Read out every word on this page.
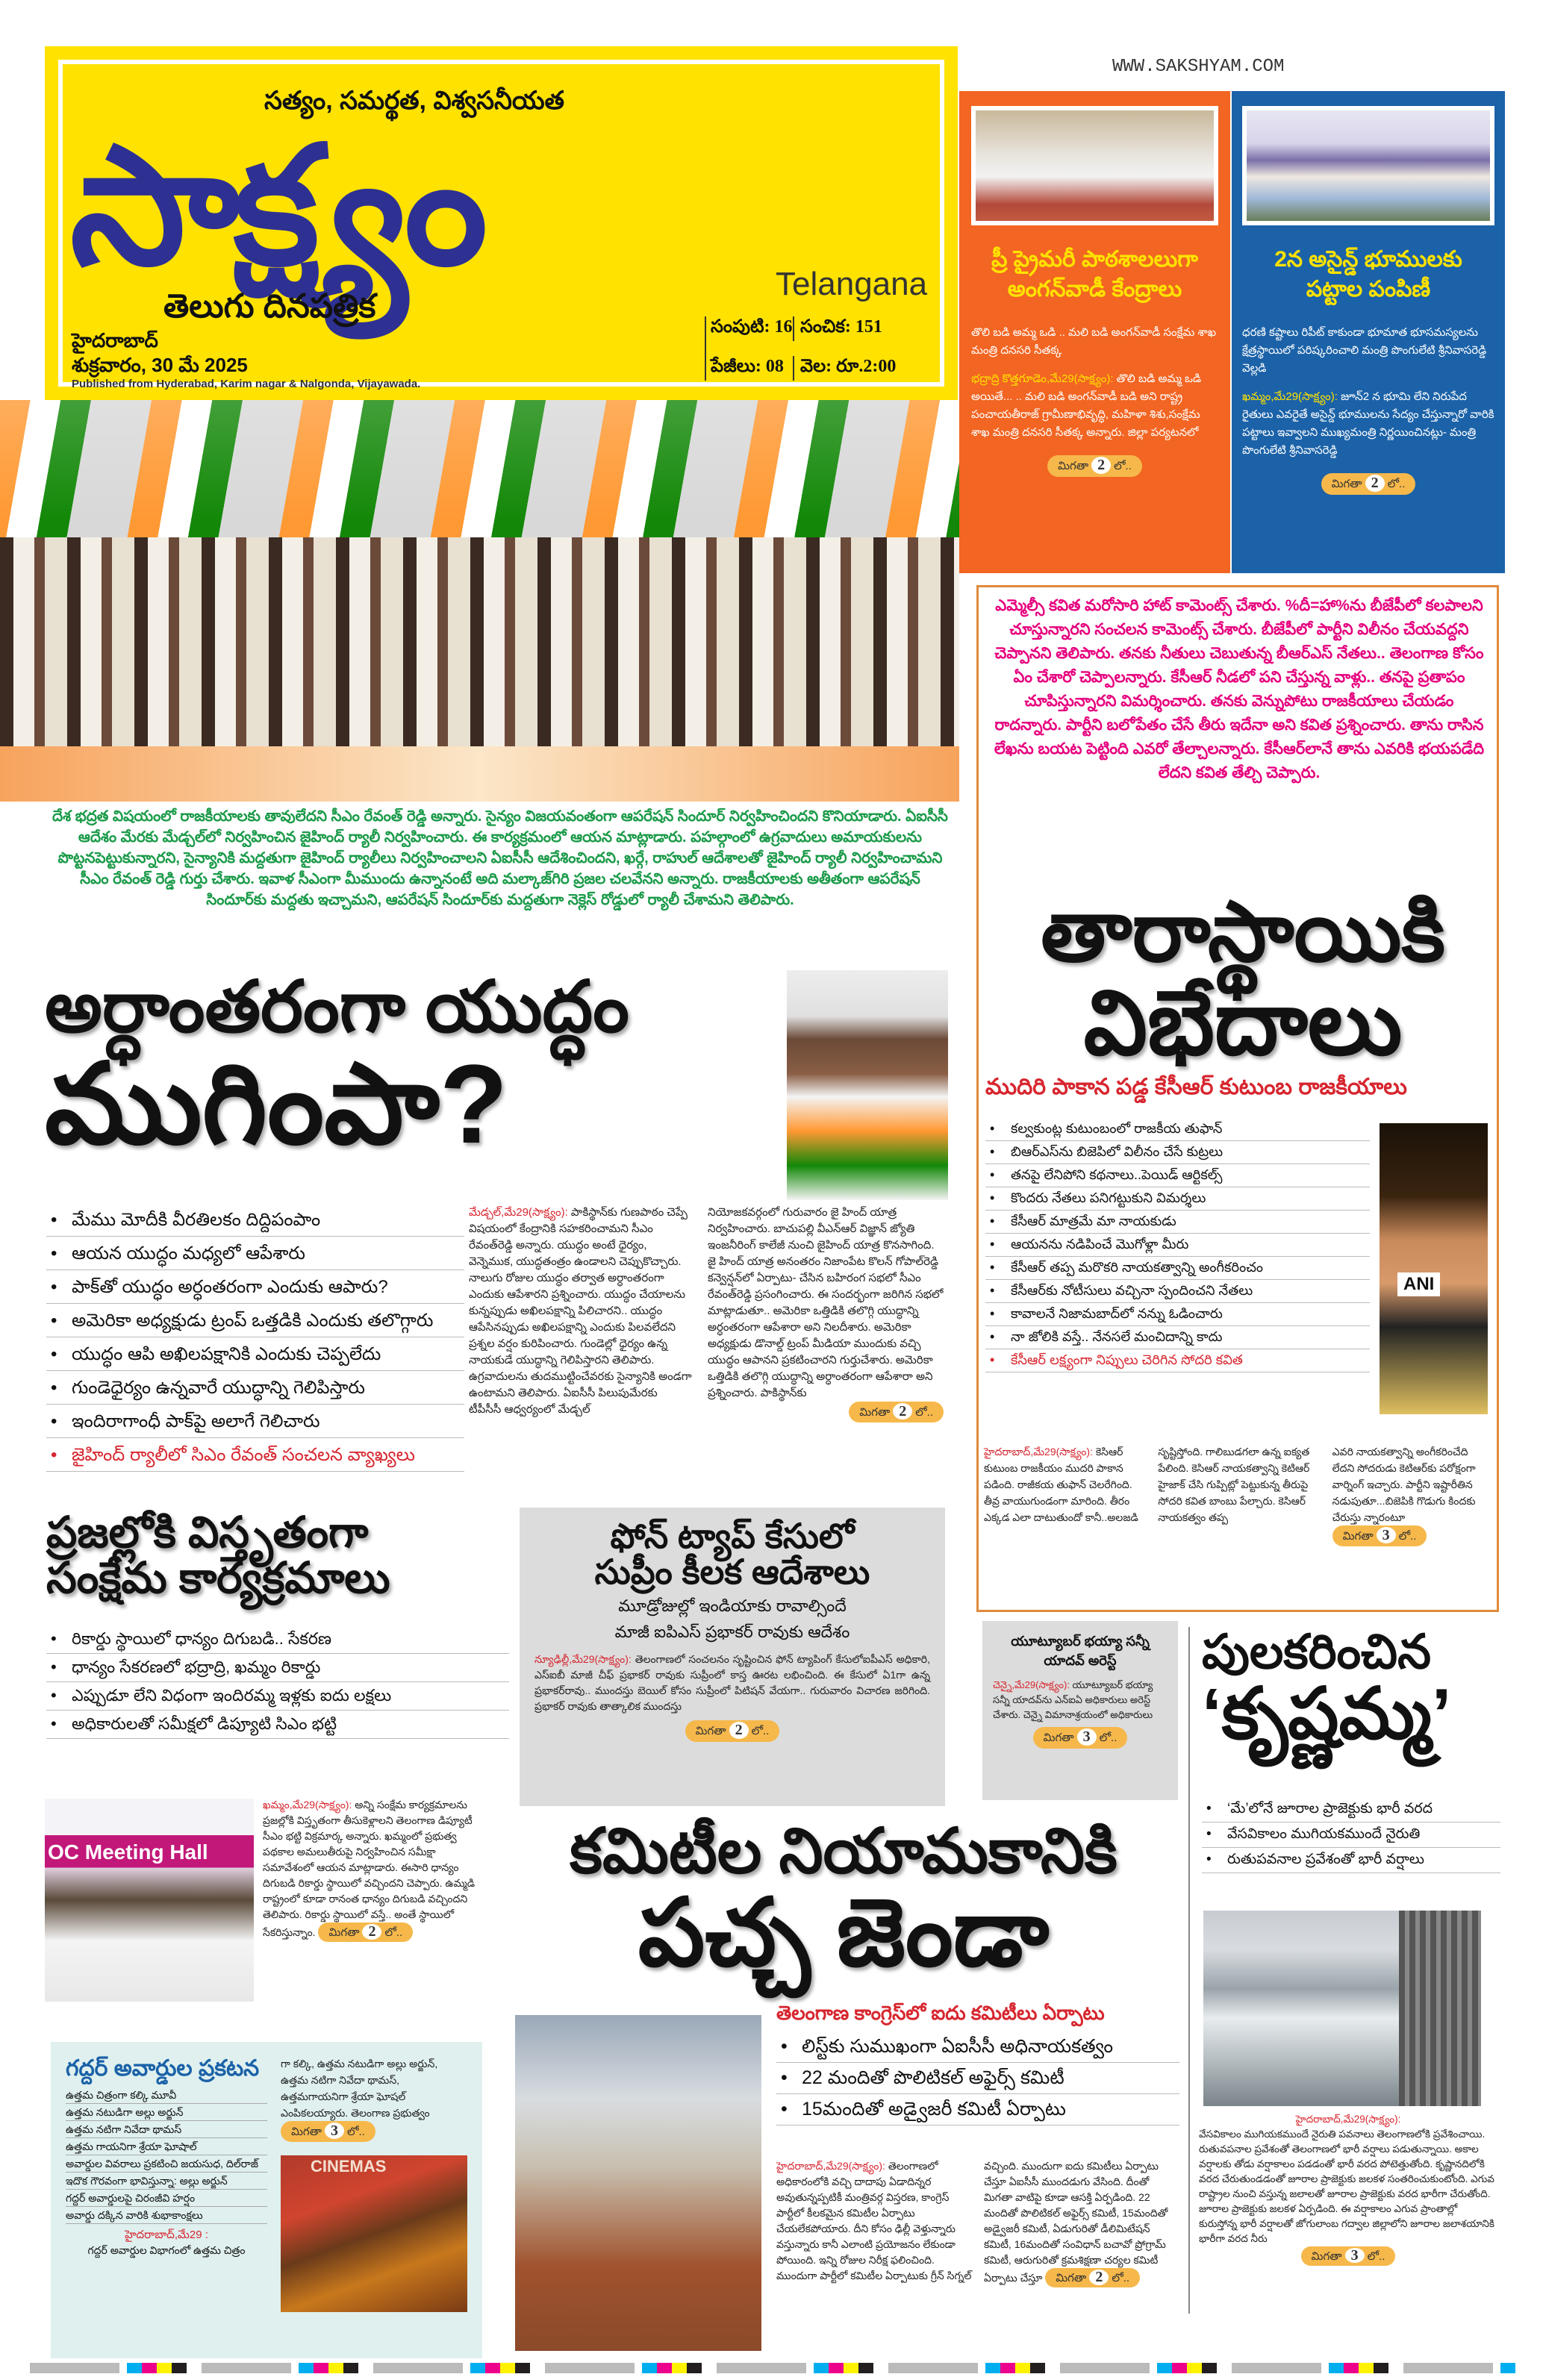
సత్యం, సమర్థత, విశ్వసనీయత
సాక్ష్యం
తెలుగు దినపత్రిక
Telangana
హైదరాబాద్
శుక్రవారం, 30 మే 2025
Published from Hyderabad, Karim nagar & Nalgonda, Vijayawada.
సంపుటి: 16 సంచిక: 151
పేజీలు: 08 వెల: రూ.2:00
WWW.SAKSHYAM.COM
ప్రీ ప్రైమరీ పాఠశాలలుగా
అంగన్‌వాడీ కేంద్రాలు

తొలి బడి అమ్మ ఒడి .. మలి బడి అంగన్‌వాడీ సంక్షేమ శాఖ మంత్రి దనసరి సీతక్క

భద్రాద్రి కొత్తగూడెం,మే29(సాక్ష్యం): తొలి బడి అమ్మ ఒడి అయితే... .. మలి బడి అంగన్‌వాడీ బడి అని రాష్ట్ర పంచాయతీరాజ్ గ్రామీణాభివృద్ధి, మహిళా శిశు,సంక్షేమ శాఖ మంత్రి దనసరి సీతక్క అన్నారు. జిల్లా పర్యటనలో

మిగతా 2 లో..
2న అసైన్డ్ భూములకు
పట్టాల పంపిణీ

ధరణి కష్టాలు రిపీట్ కాకుండా భూమాత భూసమస్యలను క్షేత్రస్థాయిలో పరిష్కరించాలి మంత్రి పొంగులేటి శ్రీనివాసరెడ్డి వెల్లడి

ఖమ్మం,మే29(సాక్ష్యం): జూన్2 న భూమి లేని నిరుపేద రైతులు ఎవరైతే అసైన్డ్ భూములను సేద్యం చేస్తున్నారో వారికి పట్టాలు ఇవ్వాలని ముఖ్యమంత్రి నిర్ణయించినట్లు- మంత్రి పొంగులేటి శ్రీనివాసరెడ్డి

మిగతా 2 లో..
దేశ భద్రత విషయంలో రాజకీయాలకు తావులేదని సీఎం రేవంత్ రెడ్డి అన్నారు. సైన్యం విజయవంతంగా ఆపరేషన్ సిందూర్ నిర్వహించిందని కొనియాడారు. ఏఐసీసీ ఆదేశం మేరకు మేడ్చల్‌లో నిర్వహించిన జైహింద్ ర్యాలీ నిర్వహించారు. ఈ కార్యక్రమంలో ఆయన మాట్లాడారు. పహల్గాంలో ఉగ్రవాదులు అమాయకులను పొట్టనపెట్టుకున్నారని, సైన్యానికి మద్దతుగా జైహింద్ ర్యాలీలు నిర్వహించాలని ఏఐసీసీ ఆదేశించిందని, ఖర్గే, రాహుల్ ఆదేశాలతో జైహింద్ ర్యాలీ నిర్వహించామని సీఎం రేవంత్ రెడ్డి గుర్తు చేశారు. ఇవాళ సీఎంగా మీముందు ఉన్నానంటే అది మల్కాజ్‌గిరి ప్రజల చలవేనని అన్నారు. రాజకీయాలకు అతీతంగా ఆపరేషన్ సిందూర్‌కు మద్దతు ఇచ్చామని, ఆపరేషన్ సిందూర్‌కు మద్దతుగా నెక్లెస్ రోడ్డులో ర్యాలీ చేశామని తెలిపారు.
అర్ధాంతరంగా యుద్ధం
ముగింపా?
• మేము మోదీకి వీరతిలకం దిద్దిపంపాం
• ఆయన యుద్ధం మధ్యలో ఆపేశారు
• పాక్‌తో యుద్ధం అర్ధంతరంగా ఎందుకు ఆపారు?
• అమెరికా అధ్యక్షుడు ట్రంప్ ఒత్తడికి ఎందుకు తలొగ్గారు
• యుద్ధం ఆపి అఖిలపక్షానికి ఎందుకు చెప్పలేదు
• గుండెధైర్యం ఉన్నవారే యుద్ధాన్ని గెలిపిస్తారు
• ఇందిరాగాంధీ పాక్‌పై అలాగే గెలిచారు
• జైహింద్ ర్యాలీలో సిఎం రేవంత్ సంచలన వ్యాఖ్యలు
మేడ్చల్,మే29(సాక్ష్యం): పాకిస్థాన్‌కు గుణపాఠం చెప్పే విషయంలో కేంద్రానికి సహకరించామని సీఎం రేవంత్‌రెడ్డి అన్నారు. యుద్ధం అంటే ధైర్యం, వెన్నెముక, యుద్ధతంత్రం ఉండాలని చెప్పుకొచ్చారు. నాలుగు రోజుల యుద్ధం తర్వాత అర్ధాంతరంగా ఎందుకు ఆపేశారని ప్రశ్నించారు. యుద్ధం చేయాలను కున్నప్పుడు అఖిలపక్షాన్ని పిలిచారని.. యుద్ధం ఆపేసినప్పుడు అఖిలపక్షాన్ని ఎందుకు పిలవలేదని ప్రశ్నల వర్షం కురిపించారు. గుండెల్లో ధైర్యం ఉన్న నాయకుడే యుద్ధాన్ని గెలిపిస్తారని తెలిపారు. ఉగ్రవాదులను తుదముట్టించేవరకు సైన్యానికి అండగా ఉంటామని తెలిపారు. ఏఐసీసీ పిలుపుమేరకు టీపీసీసీ ఆధ్వర్యంలో మేడ్చల్
నియోజకవర్గంలో గురువారం జై హింద్ యాత్ర నిర్వహించారు. బాచుపల్లి వీఎన్ఆర్ విజ్ఞాన్ జ్యోతి ఇంజనీరింగ్ కాలేజీ నుంచి జైహింద్ యాత్ర కొనసాగింది. జై హింద్ యాత్ర అనంతరం నిజాంపేట కొలన్ గోపాల్‌రెడ్డి కన్వెన్షన్‌లో ఏర్పాటు- చేసిన బహిరంగ సభలో సీఎం రేవంత్‌రెడ్డి ప్రసంగించారు. ఈ సందర్భంగా జరిగిన సభలో మాట్లాడుతూ.. అమెరికా ఒత్తిడికి తలొగ్గి యుద్ధాన్ని అర్ధంతరంగా ఆపేశారా అని నిలదీశారు. అమెరికా అధ్యక్షుడు డొనాల్డ్ ట్రంప్ మీడియా ముందుకు వచ్చి యుద్ధం ఆపానని ప్రకటించారని గుర్తుచేశారు. అమెరికా ఒత్తిడికి తలొగ్గి యుద్ధాన్ని అర్ధాంతరంగా ఆపేశారా అని ప్రశ్నించారు. పాకిస్థాన్‌కు
మిగతా 2 లో..
ఎమ్మెల్సీ కవిత మరోసారి హాట్ కామెంట్స్ చేశారు. %దీ=హా%ను బీజేపీలో కలపాలని చూస్తున్నారని సంచలన కామెంట్స్ చేశారు. బీజేపీలో పార్టీని విలీనం చేయవద్దని చెప్పానని తెలిపారు. తనకు నీతులు చెబుతున్న బీఆర్ఎస్ నేతలు.. తెలంగాణ కోసం ఏం చేశారో చెప్పాలన్నారు. కేసీఆర్ నీడలో పని చేస్తున్న వాళ్లు.. తనపై ప్రతాపం చూపిస్తున్నారని విమర్శించారు. తనకు వెన్నుపోటు రాజకీయాలు చేయడం రాదన్నారు. పార్టీని బలోపేతం చేసే తీరు ఇదేనా అని కవిత ప్రశ్నించారు. తాను రాసిన లేఖను బయట పెట్టింది ఎవరో తేల్చాలన్నారు. కేసీఆర్‌లానే తాను ఎవరికి భయపడేది లేదని కవిత తేల్చి చెప్పారు.
తారాస్థాయికి
విభేదాలు
ముదిరి పాకాన పడ్డ కేసీఆర్ కుటుంబ రాజకీయాలు
• కల్వకుంట్ల కుటుంబంలో రాజకీయ తుఫాన్
• బిఆర్ఎస్‌ను బిజెపిలో విలీనం చేసే కుట్రలు
• తనపై లేనిపోని కథనాలు..పెయిడ్ ఆర్టికల్స్
• కొందరు నేతలు పనిగట్టుకుని విమర్శలు
• కేసీఆర్ మాత్రమే మా నాయకుడు
• ఆయనను నడిపించే మొగోళ్లా మీరు
• కేసీఆర్ తప్ప మరొకరి నాయకత్వాన్ని అంగీకరించం
• కేసీఆర్‌కు నోటీసులు వచ్చినా స్పందించని నేతలు
• కావాలనే నిజామబాద్‌లో నన్ను ఓడించారు
• నా జోలికి వస్తే.. నేనసలే మంచిదాన్ని కాదు
• కేసీఆర్ లక్ష్యంగా నిప్పులు చెరిగిన సోదరి కవిత
ANI
హైదరాబాద్,మే29(సాక్ష్యం): కెసిఆర్ కుటుంబ రాజకీయం ముదరి పాకాన పడింది. రాజీకయ తుఫాన్ చెలరేగింది. తీవ్ర వాయుగుండంగా మారింది. తీరం ఎక్కడ ఎలా దాటుతుందో కానీ..అలజడి
సృష్టిస్తోంది. గాలిబుడగలా ఉన్న ఐక్యత పేలింది. కెసిఆర్ నాయకత్వాన్ని కెటిఆర్ హైజాక్ చేసి గుప్పిట్లో పెట్టుకున్న తీరుపై సోదరి కవిత బాంబు పేల్చారు. కెసిఆర్ నాయకత్వం తప్ప
ఎవరి నాయకత్వాన్ని అంగీకరించేది లేదని సోదరుడు కెటిఆర్‌కు పరోక్షంగా వార్నింగ్ ఇచ్చారు. పార్టీని ఇష్టారీతిన నడుపుతూ...బిజెపికి గొడుగు కిందకు చేరుస్తు న్నారంటూ
మిగతా 3 లో..
ప్రజల్లోకి విస్తృతంగా
సంక్షేమ కార్యక్రమాలు
• రికార్డు స్థాయిలో ధాన్యం దిగుబడి.. సేకరణ
• ధాన్యం సేకరణలో భద్రాద్రి, ఖమ్మం రికార్డు
• ఎప్పుడూ లేని విధంగా ఇందిరమ్మ ఇళ్లకు ఐదు లక్షలు
• అధికారులతో సమీక్షలో డిప్యూటి సిఎం భట్టి
OC Meeting Hall
ఖమ్మం,మే29(సాక్ష్యం): అన్ని సంక్షేమ కార్యక్రమాలను ప్రజల్లోకి విస్తృతంగా తీసుకెళ్లాలని తెలంగాణ డిప్యూటీ సీఎం భట్టి విక్రమార్క అన్నారు. ఖమ్మంలో ప్రభుత్వ పథకాల అమలుతీరుపై నిర్వహించిన సమీక్షా సమావేశంలో ఆయన మాట్లాడారు. ఈసారి ధాన్యం దిగుబడి రికార్డు స్థాయిలో వచ్చిందని చెప్పారు. ఉమ్మడి రాష్ట్రంలో కూడా రానంత ధాన్యం దిగుబడి వచ్చిందని తెలిపారు. రికార్డు స్థాయిలో వస్తే.. అంతే స్థాయిలో సేకరిస్తున్నాం. మిగతా 2 లో..
ఫోన్ ట్యాప్ కేసులో
సుప్రీం కీలక ఆదేశాలు
మూడ్రోజుల్లో ఇండియాకు రావాల్సిందే
మాజీ ఐపిఎస్ ప్రభాకర్ రావుకు ఆదేశం

న్యూఢిల్లీ,మే29(సాక్ష్యం): తెలంగాణలో సంచలనం సృష్టించిన ఫోన్ ట్యాపింగ్ కేసులోఐపీఎస్ అధికారి, ఎస్ఐబీ మాజీ చీఫ్ ప్రభాకర్ రావుకు సుప్రీంలో కాస్త ఊరట లభించింది. ఈ కేసులో ఏ1గా ఉన్న ప్రభాకర్‌రావు.. ముందస్తు బెయిల్ కోసం సుప్రీంలో పిటిషన్ వేయగా.. గురువారం విచారణ జరిగింది. ప్రభాకర్ రావుకు తాత్కాలిక ముందస్తు

మిగతా 2 లో..
యూట్యూబర్ భయ్యా సన్నీ యాదవ్ అరెస్ట్

చెన్నై,మే29(సాక్ష్యం): యూట్యూబర్ భయ్యా సన్నీ యాదవ్‌ను ఎన్ఐఏ అధికారులు అరెస్ట్ చేశారు. చెన్నై విమానాశ్రయంలో అధికారులు

మిగతా 3 లో..
పులకరించిన
‘కృష్ణమ్మ’
• ‘మే’లోనే జూరాల ప్రాజెక్టుకు భారీ వరద
• వేసవికాలం ముగియకముందే నైరుతి
• రుతుపవనాల ప్రవేశంతో భారీ వర్షాలు
హైదరాబాద్,మే29(సాక్ష్యం):
వేసవికాలం ముగియకముందే నైరుతి పవనాలు తెలంగాణలోకి ప్రవేశించాయి. రుతువపనాల ప్రవేశంతో తెలంగాణలో భారీ వర్షాలు పడుతున్నాయి. అకాల వర్షాలకు తోడు వర్షాకాలం పడడంతో భారీ వరద పోటెత్తుతోంది. కృష్ణానదిలోకి వరద చేరుతుండడంతో జూరాల ప్రాజెక్టుకు జలకళ సంతరించుకుంటోంది. ఎగువ రాష్ట్రాల నుంచి వస్తున్న జలాలతో జూరాల ప్రాజెక్టుకు వరద భారీగా చేరుతోంది. జూరాల ప్రాజెక్టుకు జలకళ ఏర్పడింది. ఈ వర్షాకాలం ఎగువ ప్రాంతాల్లో కురుస్తోన్న భారీ వర్షాలతో జోగులాంబ గద్వాల జిల్లాలోని జూరాల జలాశయానికి భారీగా వరద నీరు
మిగతా 3 లో..
కమిటీల నియామకానికి
పచ్చ జెండా
తెలంగాణ కాంగ్రెస్‌లో ఐదు కమిటీలు ఏర్పాటు
• లిస్ట్‌కు సుముఖంగా ఏఐసీసీ అధినాయకత్వం
• 22 మందితో పొలిటికల్ అఫైర్స్ కమిటీ
• 15మందితో అడ్వైజరీ కమిటీ ఏర్పాటు
హైదరాబాద్,మే29(సాక్ష్యం): తెలంగాణలో అధికారంలోకి వచ్చి దాదాపు ఏడాదిన్నర అవుతున్నప్పటికీ మంత్రివర్గ విస్తరణ, కాంగ్రెస్ పార్టీలో కీలకమైన కమిటీల ఏర్పాటు చేయలేకపోయారు. దీని కోసం ఢిల్లీ వెళ్తున్నారు వస్తున్నారు కానీ ఎలాంటి ప్రయోజనం లేకుండా పోయింది. ఇన్ని రోజుల నిరీక్ష ఫలించింది. ముందుగా పార్టీలో కమిటీల ఏర్పాటుకు గ్రీన్ సిగ్నల్
వచ్చింది. ముందుగా ఐదు కమిటీలు ఏర్పాటు చేస్తూ ఏఐసీసీ ముందడుగు వేసింది. దీంతో మిగతా వాటిపై కూడా ఆసక్తి ఏర్పడింది. 22 మందితో పొలిటికల్ అఫైర్స్ కమిటీ, 15మందితో అడ్వైజరీ కమిటీ, ఏడుగురితో డీలిమిటేషన్ కమిటీ, 16మందితో సంవిధాన్ బచావో ప్రోగ్రామ్ కమిటీ, ఆరుగురితో క్రమశిక్షణా చర్యల కమిటీ ఏర్పాటు చేస్తూ మిగతా 2 లో..
గద్దర్ అవార్డుల ప్రకటన
ఉత్తమ చిత్రంగా కల్కి మూవీ
ఉత్తమ నటుడిగా అల్లు అర్జున్
ఉత్తమ నటిగా నివేదా థామస్
ఉత్తమ గాయనిగా శ్రేయా ఘోషాల్
అవార్డుల వివరాలు ప్రకటించి జయసుధ, దిల్‌రాజ్
ఇదొక గౌరవంగా భావిస్తున్నా: అల్లు అర్జున్
గద్దర్ అవార్డులపై చిరంజీవి హర్షం
అవార్డు దక్కిన వారికి శుభాకాంక్షలు
హైదరాబాద్,మే29 :
గద్దర్ అవార్డుల విభాగంలో ఉత్తమ చిత్రం

గా కల్కి, ఉత్తమ నటుడిగా అల్లు అర్జున్, ఉత్తమ నటిగా నివేదా థామస్, ఉత్తమగాయనిగా శ్రేయా ఘోషల్ ఎంపికలయ్యారు. తెలంగాణ ప్రభుత్వం మిగతా 3 లో..

CINEMAS
